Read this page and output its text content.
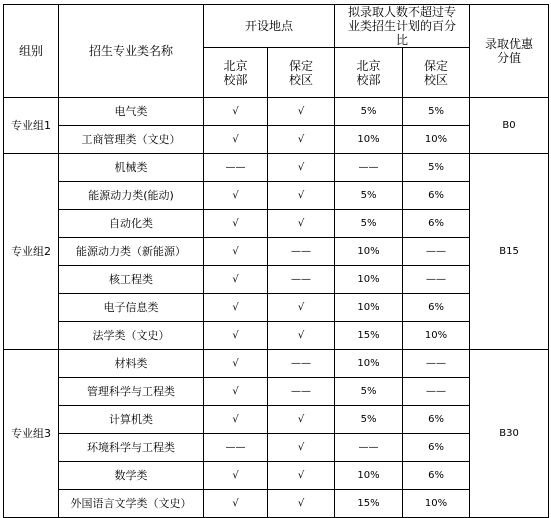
组别	招生专业类名称	开设地点		拟录取人数不超过专业类招生计划的百分比		录取优惠分值
		北京校部	保定校区	北京校部	保定校区	
专业组1	电气类	√	√	5%	5%	B0
	工商管理类（文史）	√	√	10%	10%	
专业组2	机械类	——	√	——	5%	B15
	能源动力类(能动)	√	√	5%	6%	
	自动化类	√	√	5%	6%	
	能源动力类（新能源）	√	——	10%	——	
	核工程类	√	——	10%	——	
	电子信息类	√	√	10%	6%	
	法学类（文史）	√	√	15%	10%	
专业组3	材料类	√	——	10%	——	B30
	管理科学与工程类	√	——	5%	——	
	计算机类	√	√	5%	6%	
	环境科学与工程类	——	√	——	6%	
	数学类	√	√	10%	6%	
	外国语言文学类（文史）	√	√	15%	10%	
